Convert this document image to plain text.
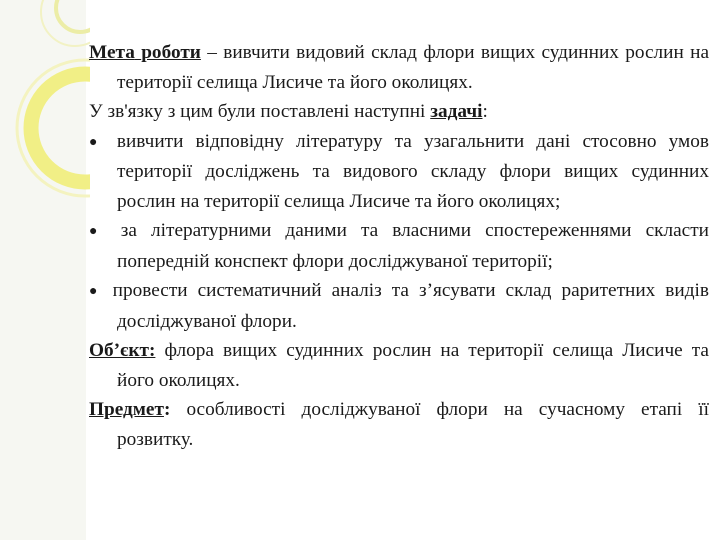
Мета роботи – вивчити видовий склад флори вищих судинних рослин на території селища Лисиче та його околицях.

У зв'язку з цим були поставлені наступні задачі:

● вивчити відповідну літературу та узагальнити дані стосовно умов території досліджень та видового складу флори вищих судинних рослин на території селища Лисиче та його околицях;

● за літературними даними та власними спостереженнями скласти попередній конспект флори досліджуваної території;

● провести систематичний аналіз та з’ясувати склад раритетних видів досліджуваної флори.

Об’єкт: флора вищих судинних рослин на території селища Лисиче та його околицях.

Предмет: особливості досліджуваної флори на сучасному етапі її розвитку.
